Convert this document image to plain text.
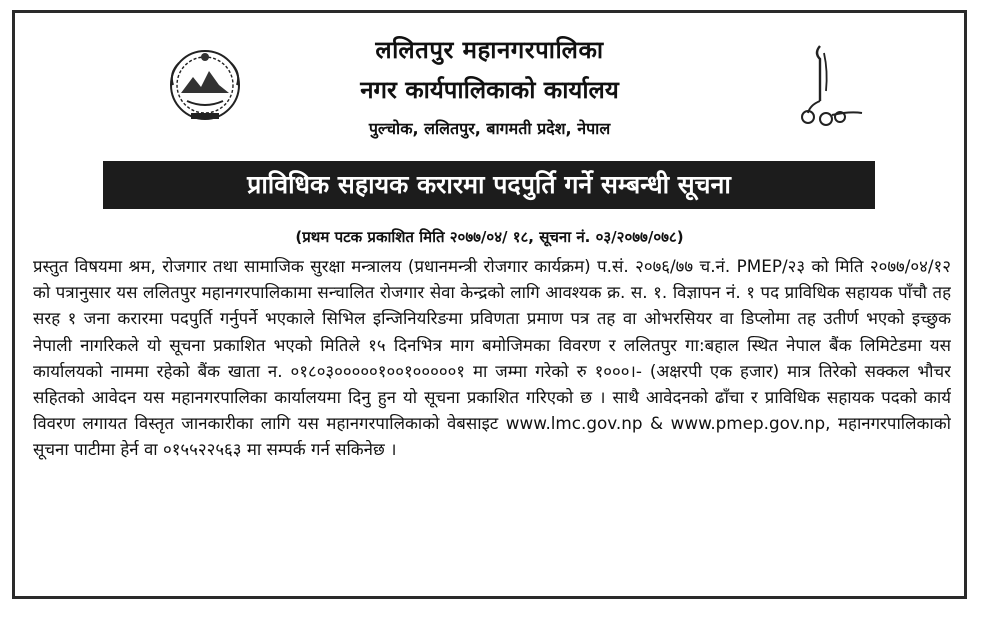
ललितपुर महानगरपालिका
नगर कार्यपालिकाको कार्यालय
पुल्चोक, ललितपुर, बागमती प्रदेश, नेपाल
प्राविधिक सहायक करारमा पदपुर्ति गर्ने सम्बन्धी सूचना
(प्रथम पटक प्रकाशित मिति २०७७/०४/ १८, सूचना नं. ०३/२०७७/०७८)
प्रस्तुत विषयमा श्रम, रोजगार तथा सामाजिक सुरक्षा मन्त्रालय (प्रधानमन्त्री रोजगार कार्यक्रम) प.सं. २०७६/७७ च.नं. PMEP/२३ को मिति २०७७/०४/१२ को पत्रानुसार यस ललितपुर महानगरपालिकामा सन्चालित रोजगार सेवा केन्द्रको लागि आवश्यक क्र. स. १. विज्ञापन नं. १ पद प्राविधिक सहायक पाँचौ तह सरह १ जना करारमा पदपुर्ति गर्नुपर्ने भएकाले सिभिल इन्जिनियरिङमा प्रविणता प्रमाण पत्र तह वा ओभरसियर वा डिप्लोमा तह उतीर्ण भएको इच्छुक नेपाली नागरिकले यो सूचना प्रकाशित भएको मितिले १५ दिनभित्र माग बमोजिमका विवरण र ललितपुर गा:बहाल स्थित नेपाल बैंक लिमिटेडमा यस कार्यालयको नाममा रहेको बैंक खाता न. ०१८०३०००००१००१०००००१ मा जम्मा गरेको रु १०००।- (अक्षरपी एक हजार) मात्र तिरेको सक्कल भौचर सहितको आवेदन यस महानगरपालिका कार्यालयमा दिनु हुन यो सूचना प्रकाशित गरिएको छ । साथै आवेदनको ढाँचा र प्राविधिक सहायक पदको कार्य विवरण लगायत विस्तृत जानकारीका लागि यस महानगरपालिकाको वेबसाइट www.lmc.gov.np & www.pmep.gov.np, महानगरपालिकाको सूचना पाटीमा हेर्न वा ०१५५२२५६३ मा सम्पर्क गर्न सकिनेछ ।
